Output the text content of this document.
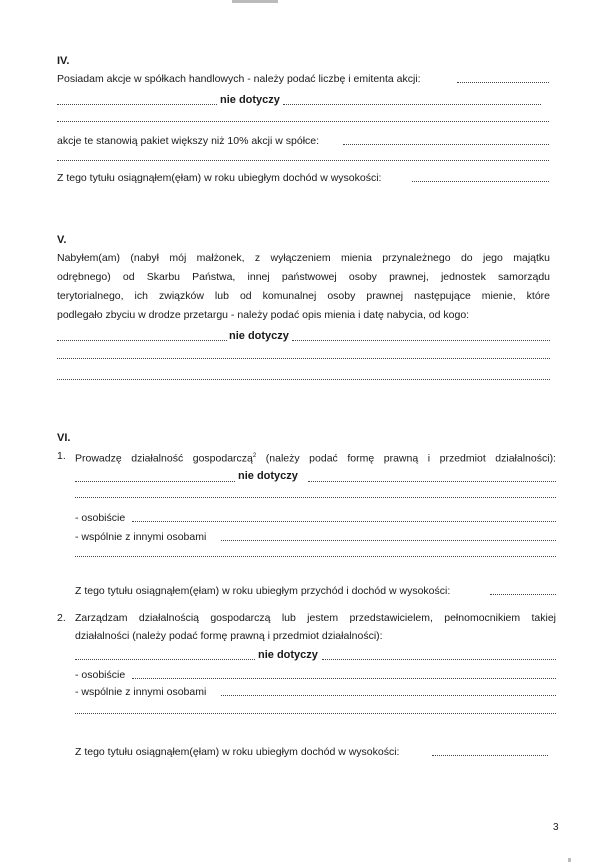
IV.
Posiadam akcje w spółkach handlowych - należy podać liczbę i emitenta akcji:
nie dotyczy
akcje te stanowią pakiet większy niż 10% akcji w spółce:
Z tego tytułu osiągnąłem(ęłam) w roku ubiegłym dochód w wysokości:
V.
Nabyłem(am) (nabył mój małżonek, z wyłączeniem mienia przynależnego do jego majątku
odrębnego) od Skarbu Państwa, innej państwowej osoby prawnej, jednostek samorządu
terytorialnego, ich związków lub od komunalnej osoby prawnej następujące mienie, które
podlegało zbyciu w drodze przetargu - należy podać opis mienia i datę nabycia, od kogo:
nie dotyczy
VI.
1. Prowadzę działalność gospodarczą$^2$ (należy podać formę prawną i przedmiot działalności):
nie dotyczy
- osobiście
- wspólnie z innymi osobami
Z tego tytułu osiągnąłem(ęłam) w roku ubiegłym przychód i dochód w wysokości:
2. Zarządzam działalnością gospodarczą lub jestem przedstawicielem, pełnomocnikiem takiej
działalności (należy podać formę prawną i przedmiot działalności):
nie dotyczy
- osobiście
- wspólnie z innymi osobami
Z tego tytułu osiągnąłem(ęłam) w roku ubiegłym dochód w wysokości:
3
